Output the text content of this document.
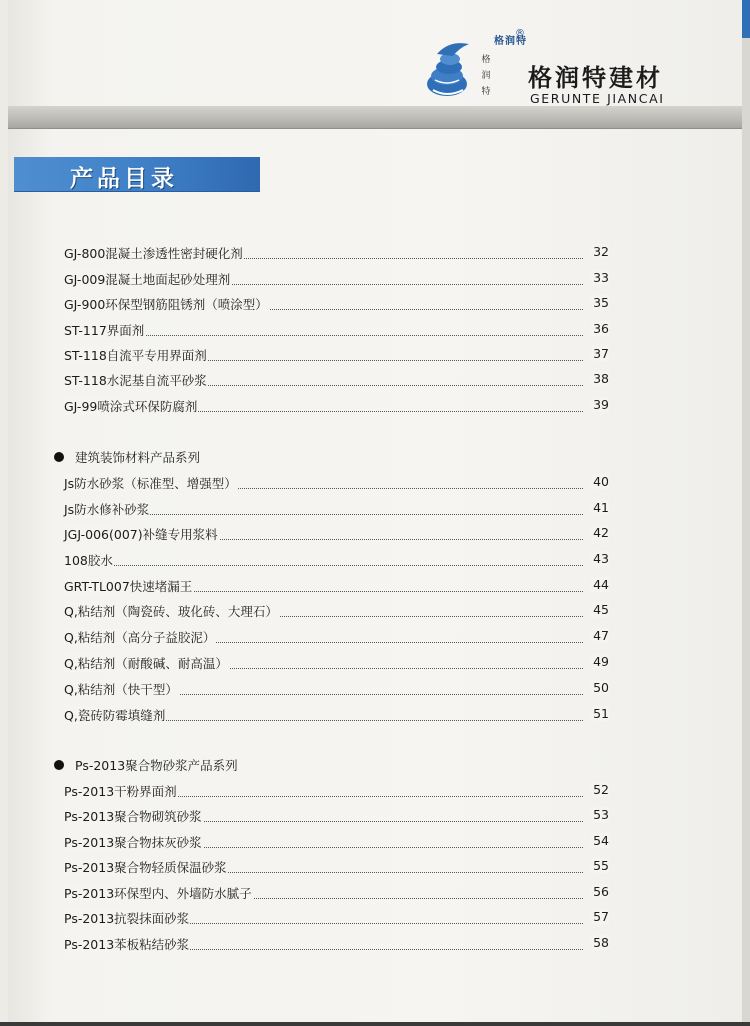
格润特
®
格
润
特 格润特建材
GERUNTE JIANCAI
产品目录
GJ-800混凝土渗透性密封硬化剂	32
GJ-009混凝土地面起砂处理剂	33
GJ-900环保型钢筋阻锈剂（喷涂型）	35
ST-117界面剂	36
ST-118自流平专用界面剂	37
ST-118水泥基自流平砂浆	38
GJ-99喷涂式环保防腐剂	39
建筑装饰材料产品系列
Js防水砂浆（标准型、增强型）	40
Js防水修补砂浆	41
JGJ-006(007)补缝专用浆料	42
108胶水	43
GRT-TL007快速堵漏王	44
Q,粘结剂（陶瓷砖、玻化砖、大理石）	45
Q,粘结剂（高分子益胶泥）	47
Q,粘结剂（耐酸碱、耐高温）	49
Q,粘结剂（快干型）	50
Q,瓷砖防霉填缝剂	51
Ps-2013聚合物砂浆产品系列
Ps-2013干粉界面剂	52
Ps-2013聚合物砌筑砂浆	53
Ps-2013聚合物抹灰砂浆	54
Ps-2013聚合物轻质保温砂浆	55
Ps-2013环保型内、外墙防水腻子	56
Ps-2013抗裂抹面砂浆	57
Ps-2013苯板粘结砂浆	58
